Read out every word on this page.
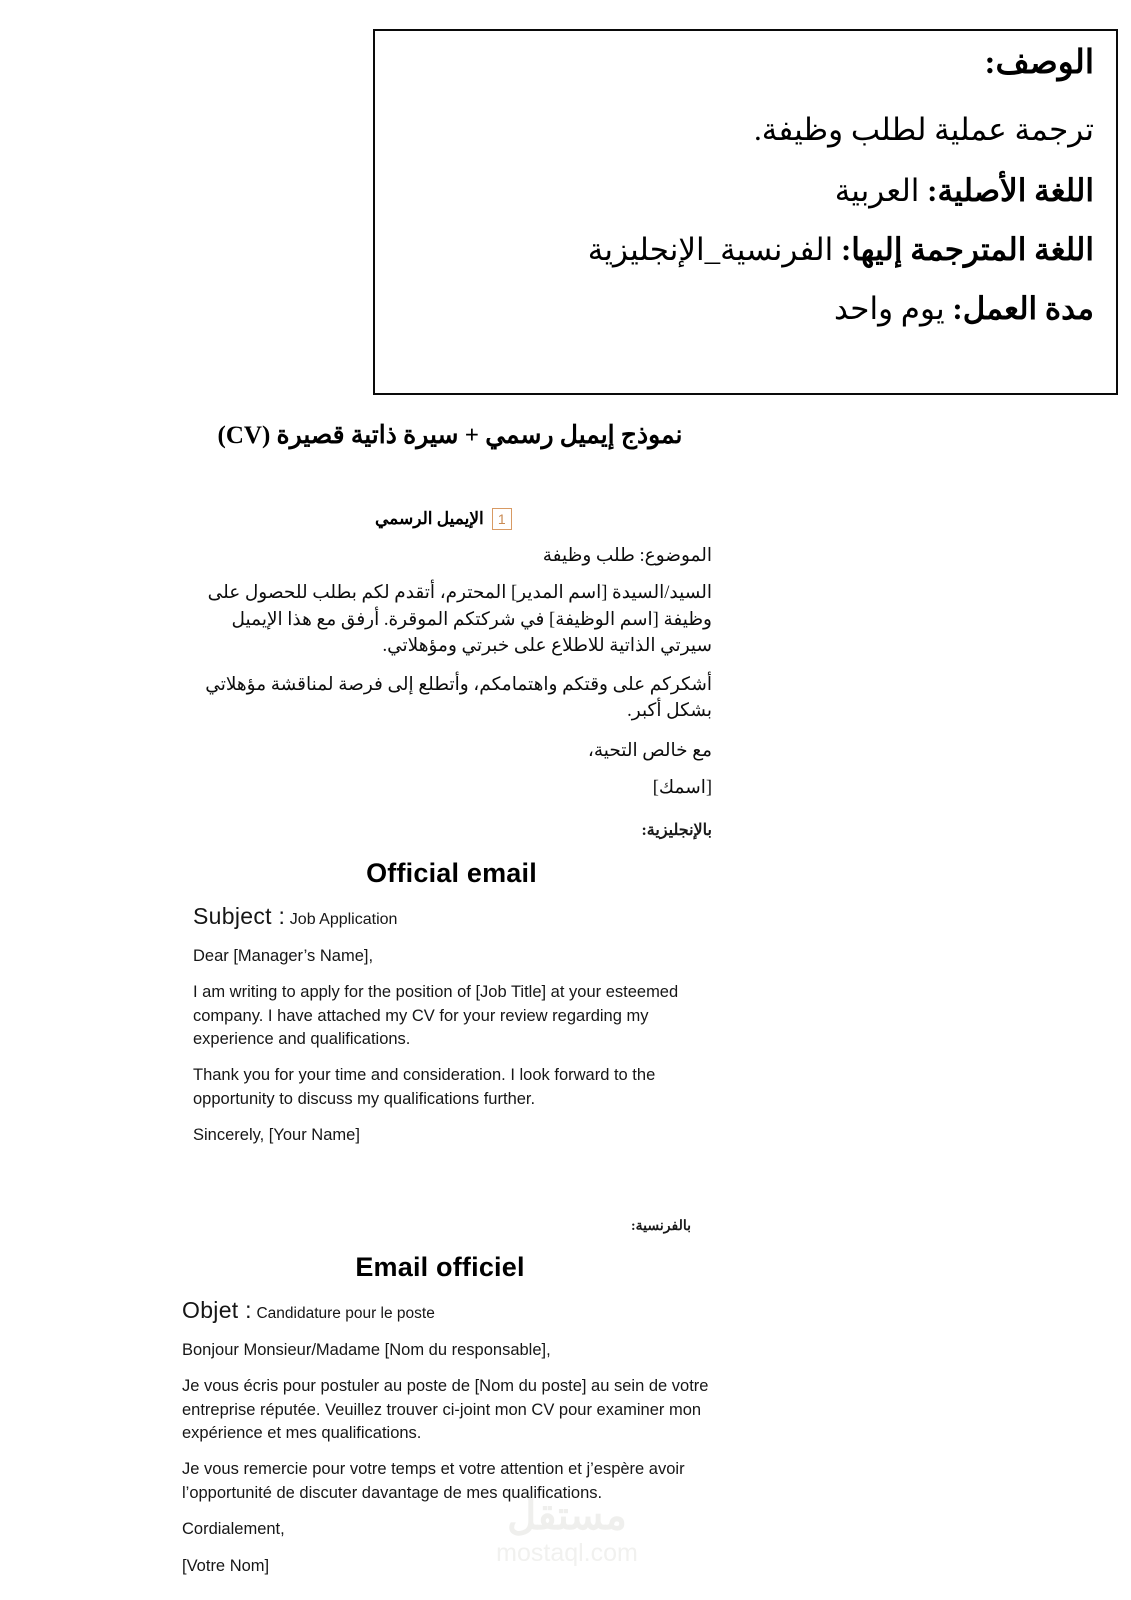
الوصف:
ترجمة عملية لطلب وظيفة.
اللغة الأصلية: العربية
اللغة المترجمة إليها: الفرنسية_الإنجليزية
مدة العمل: يوم واحد
نموذج إيميل رسمي + سيرة ذاتية قصيرة (CV)
الإيميل الرسمي	1

الموضوع: طلب وظيفة

السيد/السيدة [اسم المدير] المحترم، أتقدم لكم بطلب للحصول على وظيفة [اسم الوظيفة] في شركتكم الموقرة. أرفق مع هذا الإيميل سيرتي الذاتية للاطلاع على خبرتي ومؤهلاتي.

أشكركم على وقتكم واهتمامكم، وأتطلع إلى فرصة لمناقشة مؤهلاتي بشكل أكبر.

مع خالص التحية،

[اسمك]

بالإنجليزية:
Official email
Subject : Job Application

Dear [Manager’s Name],

I am writing to apply for the position of [Job Title] at your esteemed company. I have attached my CV for your review regarding my experience and qualifications.

Thank you for your time and consideration. I look forward to the opportunity to discuss my qualifications further.

Sincerely, [Your Name]

بالفرنسية:
Email officiel
Objet : Candidature pour le poste

Bonjour Monsieur/Madame [Nom du responsable],

Je vous écris pour postuler au poste de [Nom du poste] au sein de votre entreprise réputée. Veuillez trouver ci-joint mon CV pour examiner mon expérience et mes qualifications.

Je vous remercie pour votre temps et votre attention et j’espère avoir l’opportunité de discuter davantage de mes qualifications.

Cordialement,

[Votre Nom]

مستقل
mostaql.com
